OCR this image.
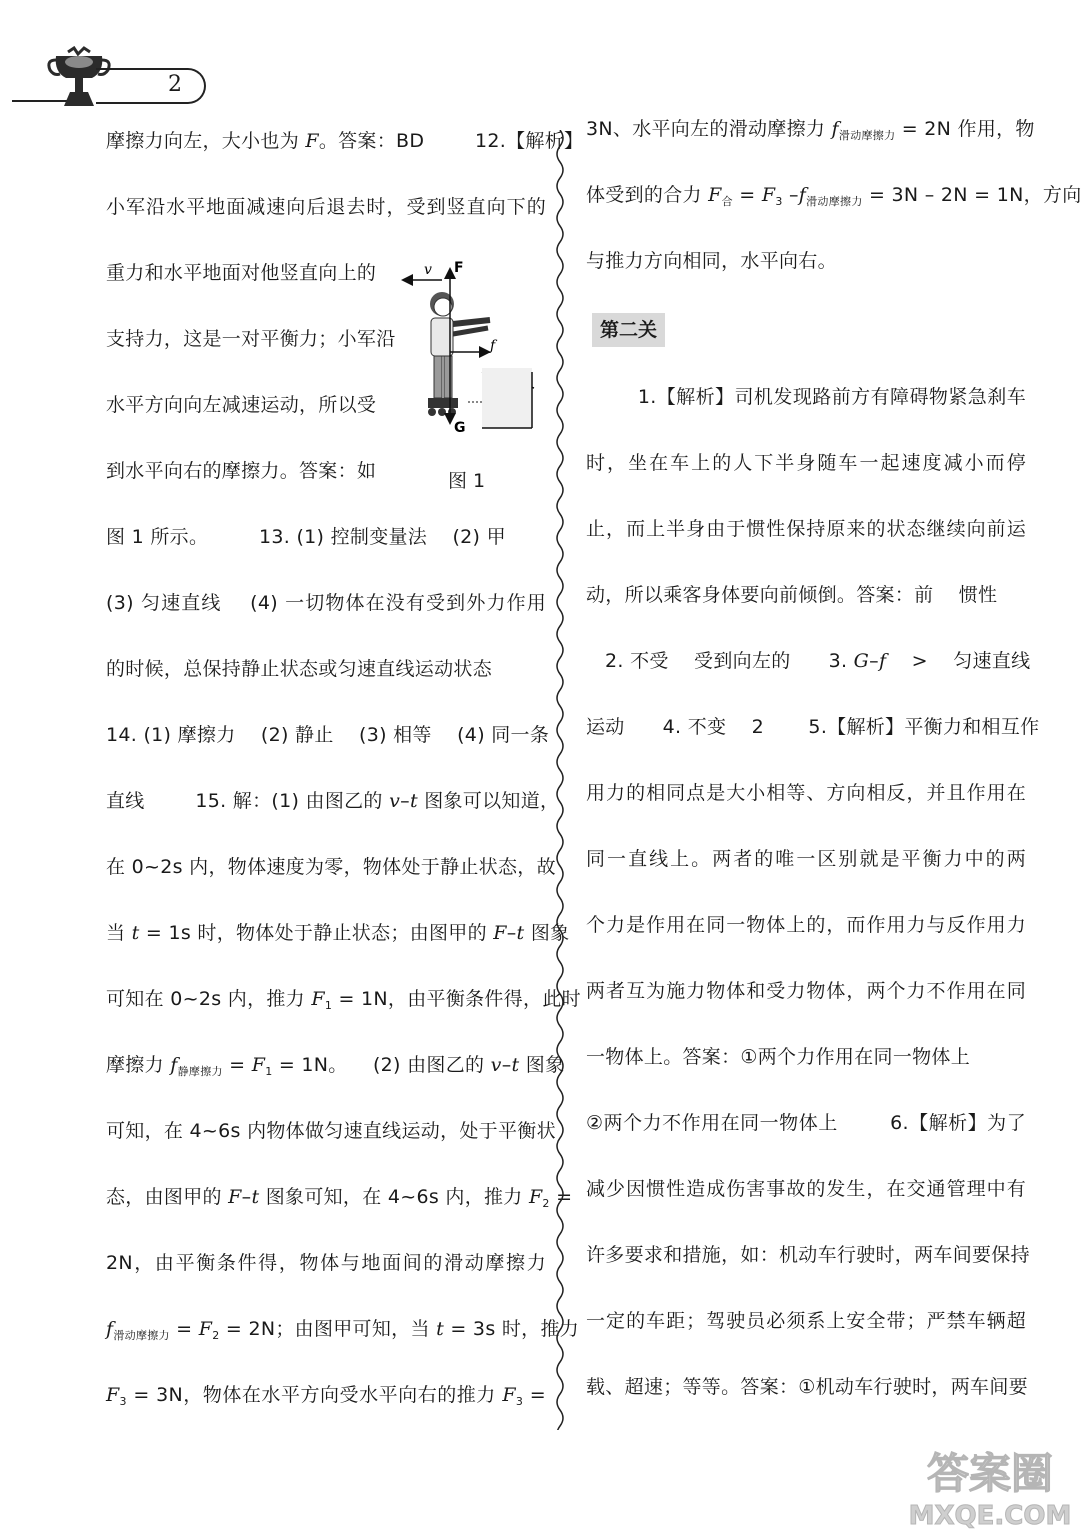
2
摩擦力向左，大小也为 F。答案：BD        12.【解析】
小军沿水平地面减速向后退去时，受到竖直向下的
重力和水平地面对他竖直向上的
支持力，这是一对平衡力；小军沿
水平方向向左减速运动，所以受
到水平向右的摩擦力。答案：如
图 1 所示。        13. (1) 控制变量法    (2) 甲
(3) 匀速直线    (4) 一切物体在没有受到外力作用
的时候，总保持静止状态或匀速直线运动状态
14. (1) 摩擦力    (2) 静止    (3) 相等    (4) 同一条
直线        15. 解：(1) 由图乙的 v–t 图象可以知道，
在 0~2s 内，物体速度为零，物体处于静止状态，故
当 t = 1s 时，物体处于静止状态；由图甲的 F–t 图象
可知在 0~2s 内，推力 $F_1 = 1N$，由平衡条件得，此时
摩擦力 $f_{静摩擦力} = F_1 = 1N$。    (2) 由图乙的 v–t 图象
可知，在 4~6s 内物体做匀速直线运动，处于平衡状
态，由图甲的 F–t 图象可知，在 4~6s 内，推力 $F_2$ =
2N，由平衡条件得，物体与地面间的滑动摩擦力
$f_{滑动摩擦力} = F_2 = 2N$；由图甲可知，当 t = 3s 时，推力
$F_3 = 3N$，物体在水平方向受水平向右的推力 $F_3$ =
v F
f
G
图 1
3N、水平向左的滑动摩擦力 $f_{滑动摩擦力} = 2N$ 作用，物
体受到的合力 $F_合 = F_3$ $-f_{滑动摩擦力} = 3N - 2N = 1N$，方向
与推力方向相同，水平向右。
第二关
1.【解析】司机发现路前方有障碍物紧急刹车
时，坐在车上的人下半身随车一起速度减小而停
止，而上半身由于惯性保持原来的状态继续向前运
动，所以乘客身体要向前倾倒。答案：前    惯性
2. 不受    受到向左的      3. G–f    >    匀速直线
运动      4. 不变    2       5.【解析】平衡力和相互作
用力的相同点是大小相等、方向相反，并且作用在
同一直线上。两者的唯一区别就是平衡力中的两
个力是作用在同一物体上的，而作用力与反作用力
两者互为施力物体和受力物体，两个力不作用在同
一物体上。答案：①两个力作用在同一物体上
②两个力不作用在同一物体上        6.【解析】为了
减少因惯性造成伤害事故的发生，在交通管理中有
许多要求和措施，如：机动车行驶时，两车间要保持
一定的车距；驾驶员必须系上安全带；严禁车辆超
载、超速；等等。答案：①机动车行驶时，两车间要
答案圈
MXQE.COM
